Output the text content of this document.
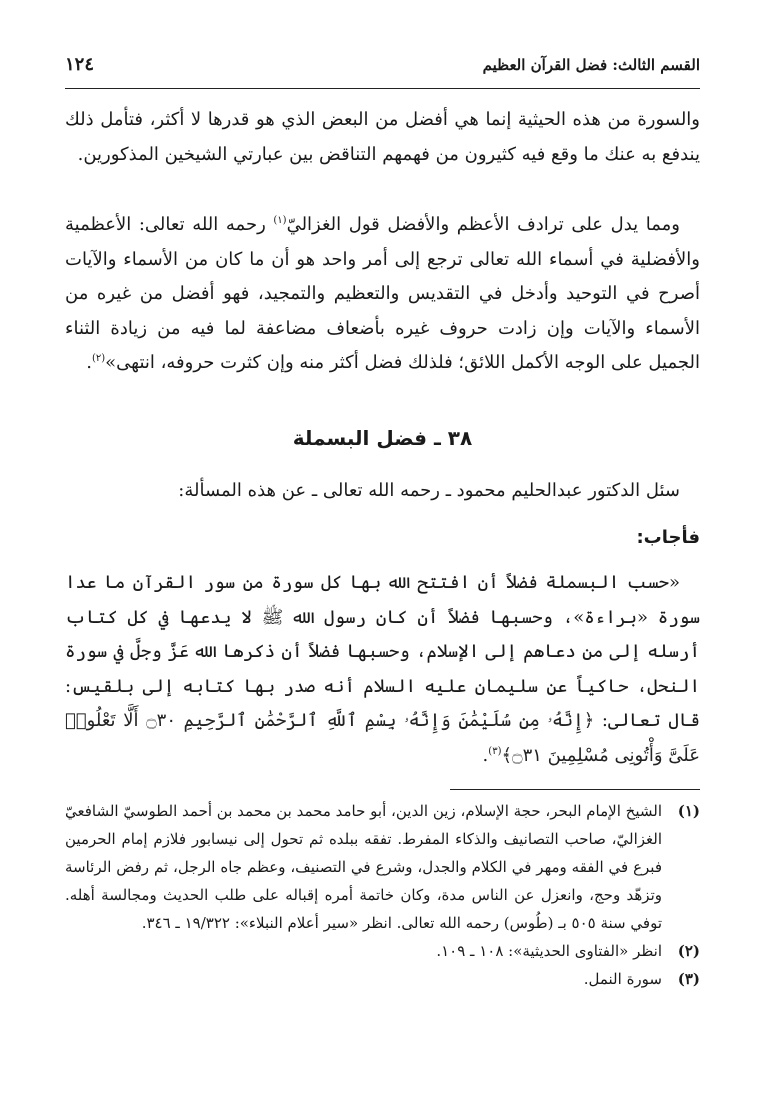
القسم الثالث: فضل القرآن العظيم
١٢٤

والسورة من هذه الحيثية إنما هي أفضل من البعض الذي هو قدرها لا أكثر، فتأمل ذلك يندفع به عنك ما وقع فيه كثيرون من فهمهم التناقض بين عبارتي الشيخين المذكورين.

ومما يدل على ترادف الأعظم والأفضل قول الغزاليّ$^{(١)}$ رحمه الله تعالى: الأعظمية والأفضلية في أسماء الله تعالى ترجع إلى أمر واحد هو أن ما كان من الأسماء والآيات أصرح في التوحيد وأدخل في التقديس والتعظيم والتمجيد، فهو أفضل من غيره من الأسماء والآيات وإن زادت حروف غيره بأضعاف مضاعفة لما فيه من زيادة الثناء الجميل على الوجه الأكمل اللائق؛ فلذلك فضل أكثر منه وإن كثرت حروفه، انتهى»$^{(٢)}$.

٣٨ ـ فضل البسملة

سئل الدكتور عبدالحليم محمود ـ رحمه الله تعالى ـ عن هذه المسألة:

فأجاب:

«حسب البسملة فضلاً أن افتتح الله بها كل سورة من سور القرآن ما عدا سورة «براءة»، وحسبها فضلاً أن كان رسول الله ﷺ لا يدعها في كل كتاب أرسله إلى من دعاهم إلى الإسلام، وحسبها فضلاً أن ذكرها الله عَزَّ وجلَّ في سورة النحل، حاكياً عن سليمان عليه السلام أنه صدر بها كتابه إلى بلقيس: قال تعالى: ﴿إِنَّهُۥ مِن سُلَيْمَٰنَ وَإِنَّهُۥ بِسْمِ ٱللَّهِ ٱلرَّحْمَٰنِ ٱلرَّحِيمِ ۝٣٠ أَلَّا تَعْلُوا۟ عَلَىَّ وَأْتُونِى مُسْلِمِينَ ۝٣١﴾$^{(٣)}$.

(١)
الشيخ الإمام البحر، حجة الإسلام، زين الدين، أبو حامد محمد بن محمد بن أحمد الطوسيّ الشافعيّ الغزاليّ، صاحب التصانيف والذكاء المفرط. تفقه ببلده ثم تحول إلى نيسابور فلازم إمام الحرمين فبرع في الفقه ومهر في الكلام والجدل، وشرع في التصنيف، وعظم جاه الرجل، ثم رفض الرئاسة وتزهّد وحج، وانعزل عن الناس مدة، وكان خاتمة أمره إقباله على طلب الحديث ومجالسة أهله. توفي سنة ٥٠٥ بـ (طُوس) رحمه الله تعالى. انظر «سير أعلام النبلاء»: ١٩/٣٢٢ ـ ٣٤٦.
(٢)
انظر «الفتاوى الحديثية»: ١٠٨ ـ ١٠٩.
(٣)
سورة النمل.
